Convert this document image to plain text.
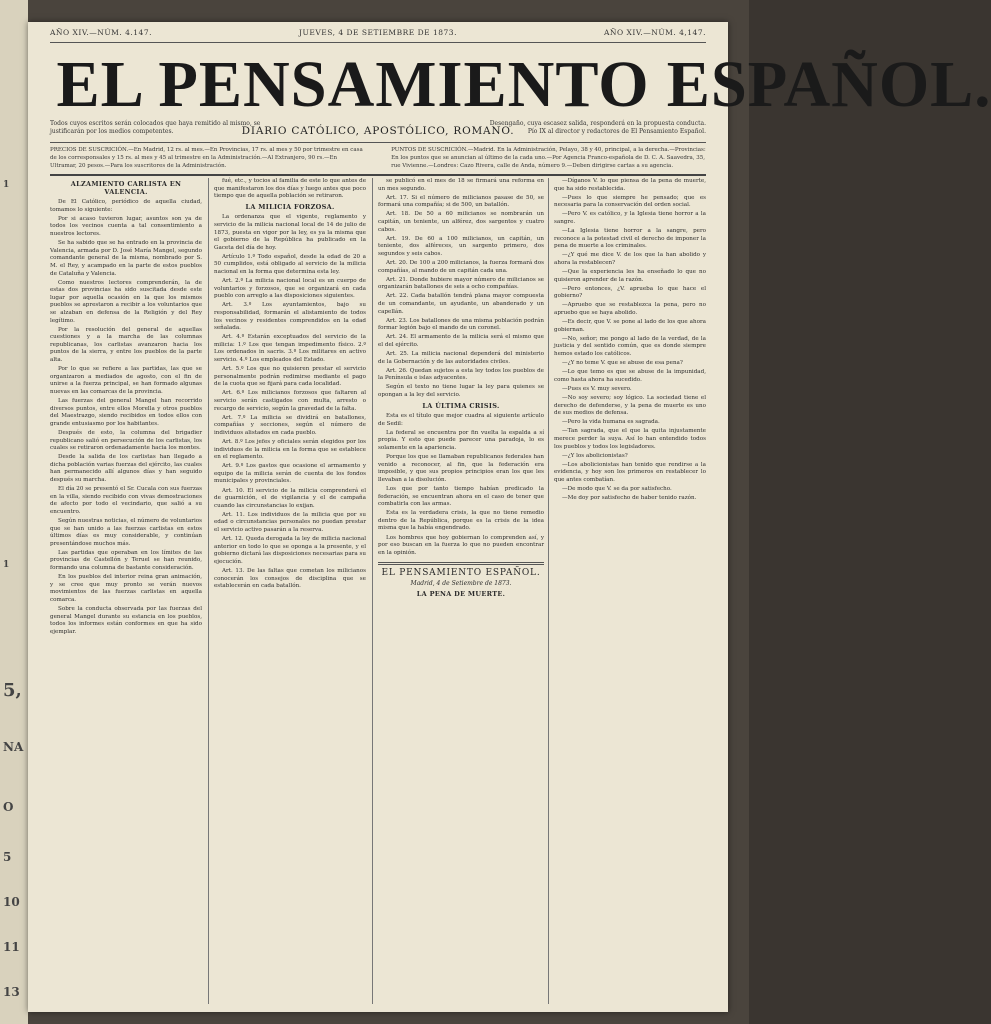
1
1
5,
NA
O
5
10
11
13
AÑO XIV.—NÚM. 4.147.	JUEVES, 4 DE SETIEMBRE DE 1873.	AÑO XIV.—NÚM. 4,147.
EL PENSAMIENTO ESPAÑOL.
Todos cuyos escritos serán colocados que haya remitido al mismo, se justificarán por los medios competentes.
Desengaño, cuya escasez salida, responderá en la propuesta conducta. Pío IX al director y redactores de El Pensamiento Español.
DIARIO CATÓLICO, APOSTÓLICO, ROMANO.
PRECIOS DE SUSCRICIÓN.—En Madrid, 12 rs. al mes.—En Provincias, 17 rs. al mes y 50 por trimestre en casa de los corresponsales y 15 rs. al mes y 45 al trimestre en la Administración.—Al Extranjero, 90 rs.—En Ultramar, 20 pesos.—Para los suscritores de la Administración.
PUNTOS DE SUSCRICIÓN.—Madrid. En la Administración, Pelayo, 38 y 40, principal, a la derecha.—Provincias: En los puntos que se anuncian al último de la cada uno.—Por Agencia Franco-española de D. C. A. Saavedra, 35, rue Vivienne.—Londres: Cazo Rivera, calle de Anda, número 9.—Deben dirigirse cartas a su agencia.
ALZAMIENTO CARLISTA EN VALENCIA.

De El Católico, periódico de aquella ciudad, tomamos lo siguiente:

Por si acaso tuvieron lugar, asuntos son ya de todos los vecinos cuenta a tal consentimiento a nuestros lectores.

Se ha sabido que se ha entrado en la provincia de Valencia, armada por D. José María Mangel, segundo comandante general de la misma, nombrado por S. M. el Rey, y acampado en la parte de estos pueblos de Cataluña y Valencia.

Como nuestros lectores comprenderán, la de estas dos provincias ha sido suscitada desde este lugar por aquella ocasión en la que los mismos pueblos se aprestaron a recibir a los voluntarios que se alzaban en defensa de la Religión y del Rey legítimo.

Por la resolución del general de aquellas cuestiones y a la marcha de las columnas republicanas, los carlistas avanzaron hacia los puntos de la sierra, y entre los pueblos de la parte alta.

Por lo que se refiere a las partidas, las que se organizaron a mediados de agosto, con el fin de unirse a la fuerza principal, se han formado algunas nuevas en las comarcas de la provincia.

Las fuerzas del general Mangel han recorrido diversos puntos, entre ellos Morella y otros pueblos del Maestrazgo, siendo recibidos en todos ellos con grande entusiasmo por los habitantes.

Después de esto, la columna del brigadier republicano salió en persecución de los carlistas, los cuales se retiraron ordenadamente hacia los montes.

Desde la salida de los carlistas han llegado a dicha población varias fuerzas del ejército, las cuales han permanecido allí algunos días y han seguido después su marcha.

El día 20 se presentó el Sr. Cucala con sus fuerzas en la villa, siendo recibido con vivas demostraciones de afecto por todo el vecindario, que salió a su encuentro.

Según nuestras noticias, el número de voluntarios que se han unido a las fuerzas carlistas en estos últimos días es muy considerable, y continúan presentándose muchos más.

Las partidas que operaban en los límites de las provincias de Castellón y Teruel se han reunido, formando una columna de bastante consideración.

En los pueblos del interior reina gran animación, y se cree que muy pronto se verán nuevos movimientos de las fuerzas carlistas en aquella comarca.

Sobre la conducta observada por las fuerzas del general Mangel durante su estancia en los pueblos, todos los informes están conformes en que ha sido ejemplar.

fué, etc., y tocios al familia de este lo que antes de que manifestaron los dos días y luego antes que poco tiempo que de aquella población se retiraron.

LA MILICIA FORZOSA.

La ordenanza que el vigente, reglamento y servicio de la milicia nacional local de 14 de julio de 1873, puesta en vigor por la ley, es ya la misma que el gobierno de la República ha publicado en la Gaceta del día de hoy.

Artículo 1.º Todo español, desde la edad de 20 a 50 cumplidos, está obligado al servicio de la milicia nacional en la forma que determina esta ley.

Art. 2.º La milicia nacional local es un cuerpo de voluntarios y forzosos, que se organizará en cada pueblo con arreglo a las disposiciones siguientes.

Art. 3.º Los ayuntamientos, bajo su responsabilidad, formarán el alistamiento de todos los vecinos y residentes comprendidos en la edad señalada.

Art. 4.º Estarán exceptuados del servicio de la milicia: 1.º Los que tengan impedimento físico. 2.º Los ordenados in sacris. 3.º Los militares en activo servicio. 4.º Los empleados del Estado.

Art. 5.º Los que no quisieren prestar el servicio personalmente podrán redimirse mediante el pago de la cuota que se fijará para cada localidad.

Art. 6.º Los milicianos forzosos que faltaren al servicio serán castigados con multa, arresto o recargo de servicio, según la gravedad de la falta.

Art. 7.º La milicia se dividirá en batallones, compañías y secciones, según el número de individuos alistados en cada pueblo.

Art. 8.º Los jefes y oficiales serán elegidos por los individuos de la milicia en la forma que se establece en el reglamento.

Art. 9.º Los gastos que ocasione el armamento y equipo de la milicia serán de cuenta de los fondos municipales y provinciales.

Art. 10. El servicio de la milicia comprenderá el de guarnición, el de vigilancia y el de campaña cuando las circunstancias lo exijan.

Art. 11. Los individuos de la milicia que por su edad o circunstancias personales no puedan prestar el servicio activo pasarán a la reserva.

Art. 12. Queda derogada la ley de milicia nacional anterior en todo lo que se oponga a la presente, y el gobierno dictará las disposiciones necesarias para su ejecución.

Art. 13. De las faltas que cometan los milicianos conocerán los consejos de disciplina que se establecerán en cada batallón.

se publicó en el mes de 18 se firmará una reforma en un mes segundo.

Art. 17. Si el número de milicianos pasase de 50, se formará una compañía; si de 500, un batallón.

Art. 18. De 50 a 60 milicianos se nombrarán un capitán, un teniente, un alférez, dos sargentos y cuatro cabos.

Art. 19. De 60 a 100 milicianos, un capitán, un teniente, dos alféreces, un sargento primero, dos segundos y seis cabos.

Art. 20. De 100 a 200 milicianos, la fuerza formará dos compañías, al mando de un capitán cada una.

Art. 21. Donde hubiere mayor número de milicianos se organizarán batallones de seis a ocho compañías.

Art. 22. Cada batallón tendrá plana mayor compuesta de un comandante, un ayudante, un abanderado y un capellán.

Art. 23. Los batallones de una misma población podrán formar legión bajo el mando de un coronel.

Art. 24. El armamento de la milicia será el mismo que el del ejército.

Art. 25. La milicia nacional dependerá del ministerio de la Gobernación y de las autoridades civiles.

Art. 26. Quedan sujetos a esta ley todos los pueblos de la Península e islas adyacentes.

Según el texto no tiene lugar la ley para quienes se opongan a la ley del servicio.

LA ÚLTIMA CRISIS.

Esta es el título que mejor cuadra al siguiente artículo de Sedil:

La federal se encuentra por fin vuelta la espalda a sí propia. Y esto que puede parecer una paradoja, lo es solamente en la apariencia.

Porque los que se llamaban republicanos federales han venido a reconocer, al fin, que la federación era imposible, y que sus propios principios eran los que les llevaban a la disolución.

Los que por tanto tiempo habían predicado la federación, se encuentran ahora en el caso de tener que combatirla con las armas.

Esta es la verdadera crisis, la que no tiene remedio dentro de la República, porque es la crisis de la idea misma que la había engendrado.

Los hombres que hoy gobiernan lo comprenden así, y por eso buscan en la fuerza lo que no pueden encontrar en la opinión.

EL PENSAMIENTO ESPAÑOL.
Madrid, 4 de Setiembre de 1873.
LA PENA DE MUERTE.

—Díganos V. lo que piensa de la pena de muerte, que ha sido restablecida.

—Pues lo que siempre he pensado; que es necesaria para la conservación del orden social.

—Pero V. es católico, y la Iglesia tiene horror a la sangre.

—La Iglesia tiene horror a la sangre, pero reconoce a la potestad civil el derecho de imponer la pena de muerte a los criminales.

—¿Y qué me dice V. de los que la han abolido y ahora la restablecen?

—Que la experiencia les ha enseñado lo que no quisieron aprender de la razón.

—Pero entonces, ¿V. aprueba lo que hace el gobierno?

—Apruebo que se restablezca la pena, pero no apruebo que se haya abolido.

—Es decir, que V. se pone al lado de los que ahora gobiernan.

—No, señor; me pongo al lado de la verdad, de la justicia y del sentido común, que es donde siempre hemos estado los católicos.

—¿Y no teme V. que se abuse de esa pena?

—Lo que temo es que se abuse de la impunidad, como hasta ahora ha sucedido.

—Pues es V. muy severo.

—No soy severo; soy lógico. La sociedad tiene el derecho de defenderse, y la pena de muerte es uno de sus medios de defensa.

—Pero la vida humana es sagrada.

—Tan sagrada, que el que la quita injustamente merece perder la suya. Así lo han entendido todos los pueblos y todos los legisladores.

—¿Y los abolicionistas?

—Los abolicionistas han tenido que rendirse a la evidencia, y hoy son los primeros en restablecer lo que antes combatían.

—De modo que V. se da por satisfecho.

—Me doy por satisfecho de haber tenido razón.
